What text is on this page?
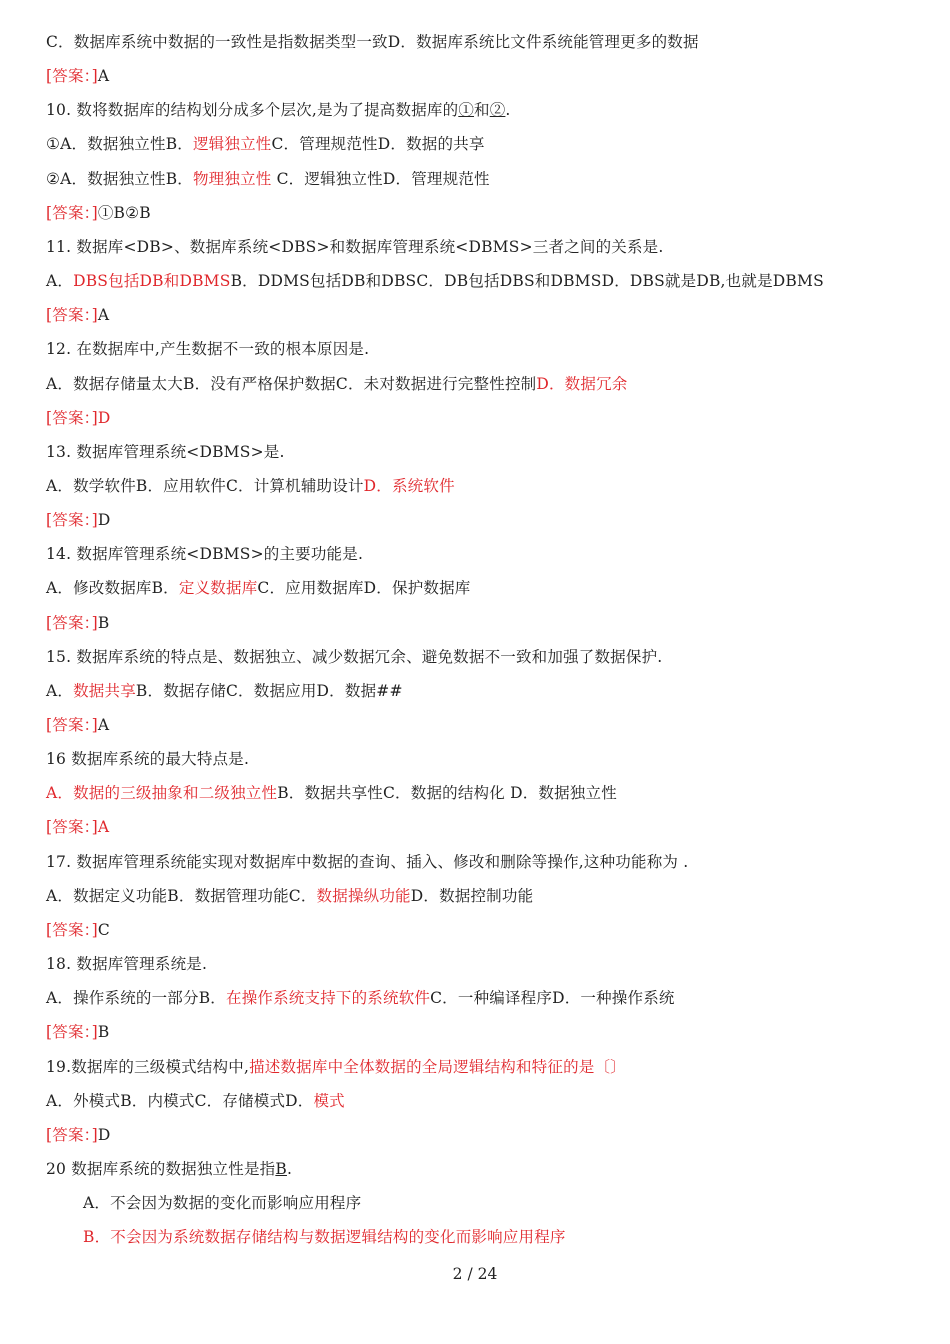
2 / 24
C．数据库系统中数据的一致性是指数据类型一致D．数据库系统比文件系统能管理更多的数据
[答案：]A
10. 数将数据库的结构划分成多个层次,是为了提高数据库的①和②.
①A．数据独立性B．逻辑独立性C．管理规范性D．数据的共享
②A．数据独立性B．物理独立性 C．逻辑独立性D．管理规范性
[答案：]①B②B
11. 数据库<DB>、数据库系统<DBS>和数据库管理系统<DBMS>三者之间的关系是.
A．DBS包括DB和DBMSB．DDMS包括DB和DBSC．DB包括DBS和DBMSD．DBS就是DB,也就是DBMS
[答案：]A
12. 在数据库中,产生数据不一致的根本原因是.
A．数据存储量太大B．没有严格保护数据C．未对数据进行完整性控制D．数据冗余
[答案：]D
13. 数据库管理系统<DBMS>是.
A．数学软件B．应用软件C．计算机辅助设计D．系统软件
[答案：]D
14. 数据库管理系统<DBMS>的主要功能是.
A．修改数据库B．定义数据库C．应用数据库D．保护数据库
[答案：]B
15. 数据库系统的特点是、数据独立、减少数据冗余、避免数据不一致和加强了数据保护.
A．数据共享B．数据存储C．数据应用D．数据##
[答案：]A
16 数据库系统的最大特点是.
A．数据的三级抽象和二级独立性B．数据共享性C．数据的结构化 D．数据独立性
[答案：]A
17. 数据库管理系统能实现对数据库中数据的查询、插入、修改和删除等操作,这种功能称为 .
A．数据定义功能B．数据管理功能C．数据操纵功能D．数据控制功能
[答案：]C
18. 数据库管理系统是.
A．操作系统的一部分B．在操作系统支持下的系统软件C．一种编译程序D．一种操作系统
[答案：]B
19.数据库的三级模式结构中,描述数据库中全体数据的全局逻辑结构和特征的是〔〕
A．外模式B．内模式C．存储模式D．模式
[答案：]D
20 数据库系统的数据独立性是指B.
A．不会因为数据的变化而影响应用程序
B．不会因为系统数据存储结构与数据逻辑结构的变化而影响应用程序
